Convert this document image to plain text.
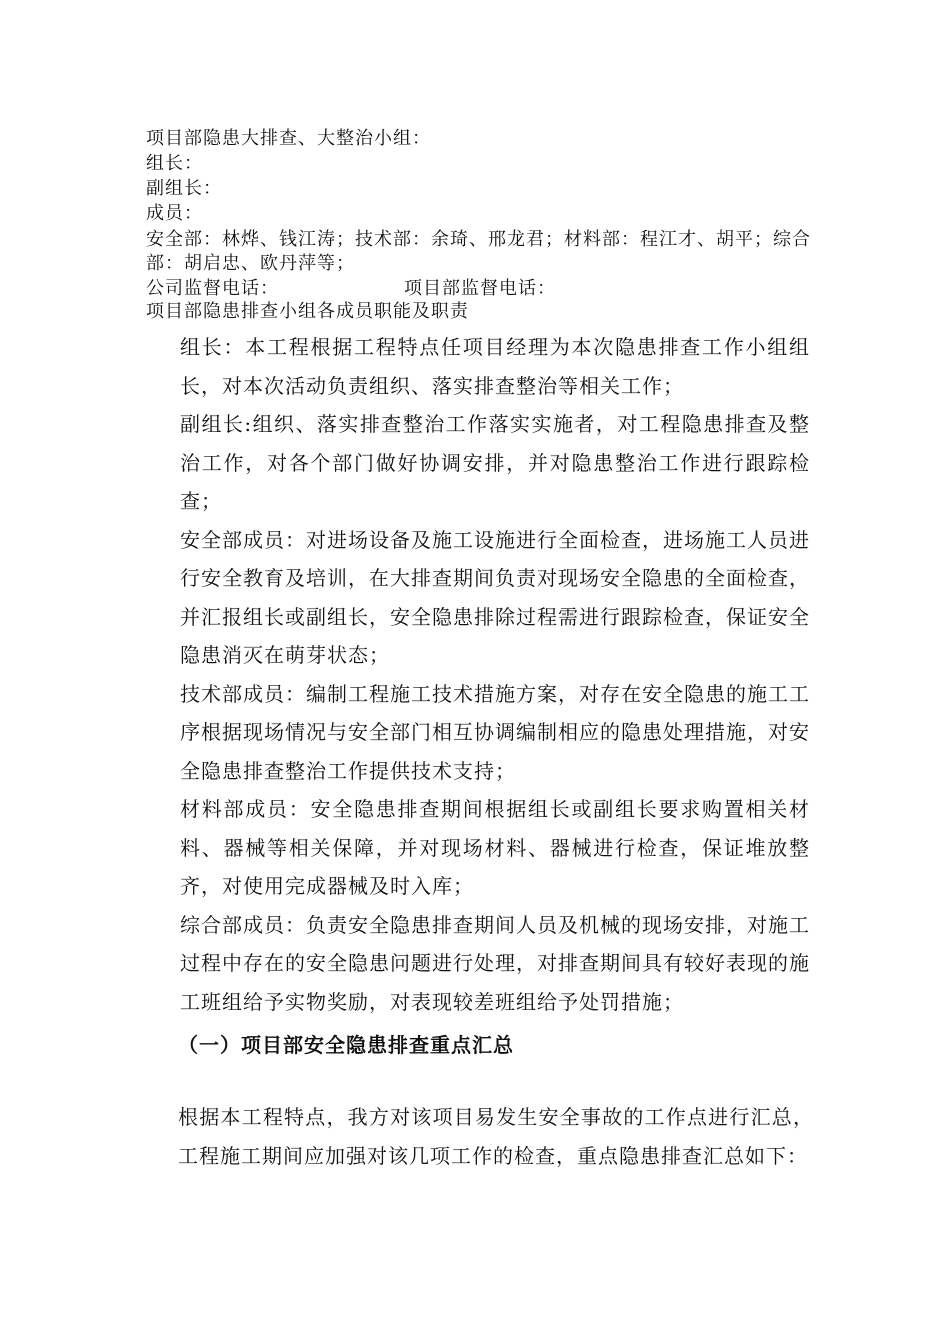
项目部隐患大排查、大整治小组：
组长：
副组长：
成员：

安全部：林烨、钱江涛；技术部：余琦、邢龙君；材料部：程江才、胡平；综合部：胡启忠、欧丹萍等；

公司监督电话：	项目部监督电话：
项目部隐患排查小组各成员职能及职责
组长：本工程根据工程特点任项目经理为本次隐患排查工作小组组长，对本次活动负责组织、落实排查整治等相关工作；
副组长:组织、落实排查整治工作落实实施者，对工程隐患排查及整治工作，对各个部门做好协调安排，并对隐患整治工作进行跟踪检查；
安全部成员：对进场设备及施工设施进行全面检查，进场施工人员进行安全教育及培训，在大排查期间负责对现场安全隐患的全面检查，并汇报组长或副组长，安全隐患排除过程需进行跟踪检查，保证安全隐患消灭在萌芽状态；
技术部成员：编制工程施工技术措施方案，对存在安全隐患的施工工序根据现场情况与安全部门相互协调编制相应的隐患处理措施，对安全隐患排查整治工作提供技术支持；
材料部成员：安全隐患排查期间根据组长或副组长要求购置相关材料、器械等相关保障，并对现场材料、器械进行检查，保证堆放整齐，对使用完成器械及时入库；
综合部成员：负责安全隐患排查期间人员及机械的现场安排，对施工过程中存在的安全隐患问题进行处理，对排查期间具有较好表现的施工班组给予实物奖励，对表现较差班组给予处罚措施；
（一）项目部安全隐患排查重点汇总

根据本工程特点，我方对该项目易发生安全事故的工作点进行汇总，工程施工期间应加强对该几项工作的检查，重点隐患排查汇总如下：
